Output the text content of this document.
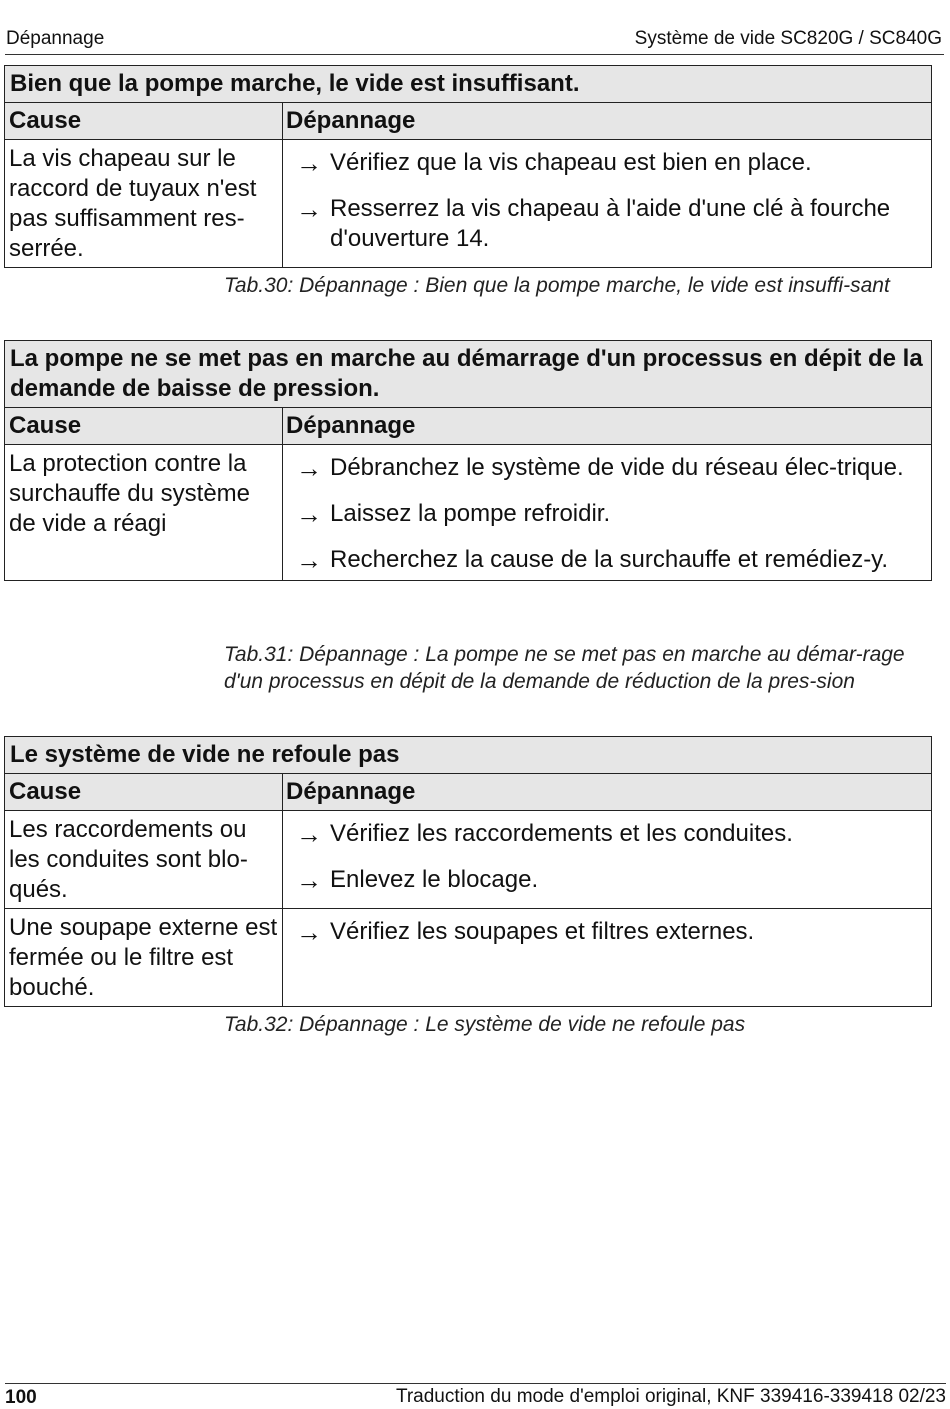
Dépannage	Système de vide SC820G / SC840G
Bien que la pompe marche, le vide est insuffisant.
Cause	Dépannage
La vis chapeau sur le raccord de tuyaux n'est pas suffisamment res-serrée.
→ Vérifiez que la vis chapeau est bien en place.
→ Resserrez la vis chapeau à l'aide d'une clé à fourche d'ouverture 14.
Tab.30: Dépannage : Bien que la pompe marche, le vide est insuffi-sant
La pompe ne se met pas en marche au démarrage d'un processus en dépit de la demande de baisse de pression.
Cause	Dépannage
La protection contre la surchauffe du système de vide a réagi
→ Débranchez le système de vide du réseau élec-trique.
→ Laissez la pompe refroidir.
→ Recherchez la cause de la surchauffe et remédiez-y.
Tab.31: Dépannage : La pompe ne se met pas en marche au démar-rage d'un processus en dépit de la demande de réduction de la pres-sion
Le système de vide ne refoule pas
Cause	Dépannage
Les raccordements ou les conduites sont blo-qués.
→ Vérifiez les raccordements et les conduites.
→ Enlevez le blocage.
Une soupape externe est fermée ou le filtre est bouché.
→ Vérifiez les soupapes et filtres externes.
Tab.32: Dépannage : Le système de vide ne refoule pas
100	Traduction du mode d'emploi original, KNF 339416-339418 02/23
